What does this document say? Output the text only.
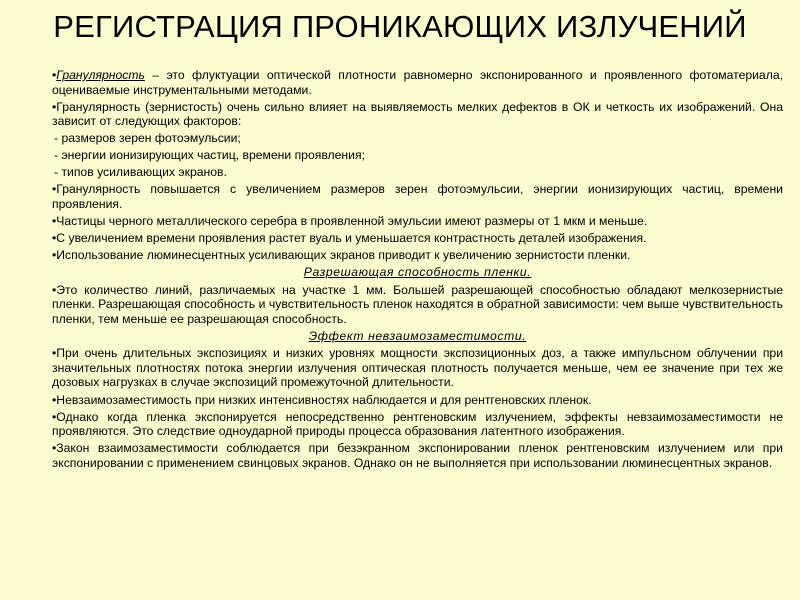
РЕГИСТРАЦИЯ ПРОНИКАЮЩИХ ИЗЛУЧЕНИЙ
•Гранулярность – это флуктуации оптической плотности равномерно экспонированного и проявленного фотоматериала, оцениваемые инструментальными методами.
•Гранулярность (зернистость) очень сильно влияет на выявляемость мелких дефектов в ОК и четкость их изображений. Она зависит от следующих факторов:
- размеров зерен фотоэмульсии;
- энергии ионизирующих частиц, времени проявления;
- типов усиливающих экранов.
•Гранулярность повышается с увеличением размеров зерен фотоэмульсии, энергии ионизирующих частиц, времени проявления.
•Частицы черного металлического серебра в проявленной эмульсии имеют размеры от 1 мкм и меньше.
•С увеличением времени проявления растет вуаль и уменьшается контрастность деталей изображения.
•Использование люминесцентных усиливающих экранов приводит к увеличению зернистости пленки.
Разрешающая способность пленки.
•Это количество линий, различаемых на участке 1 мм. Большей разрешающей способностью обладают мелкозернистые пленки. Разрешающая способность и чувствительность пленок находятся в обратной зависимости: чем выше чувствительность пленки, тем меньше ее разрешающая способность.
Эффект невзаимозаместимости.
•При очень длительных экспозициях и низких уровнях мощности экспозиционных доз, а также импульсном облучении при значительных плотностях потока энергии излучения оптическая плотность получается меньше, чем ее значение при тех же дозовых нагрузках в случае экспозиций промежуточной длительности.
•Невзаимозаместимость при низких интенсивностях наблюдается и для рентгеновских пленок.
•Однако когда пленка экспонируется непосредственно рентгеновским излучением, эффекты невзаимозаместимости не проявляются. Это следствие одноударной природы процесса образования латентного изображения.
•Закон взаимозаместимости соблюдается при безэкранном экспонировании пленок рентгеновским излучением или при экспонировании с применением свинцовых экранов. Однако он не выполняется при использовании люминесцентных экранов.
